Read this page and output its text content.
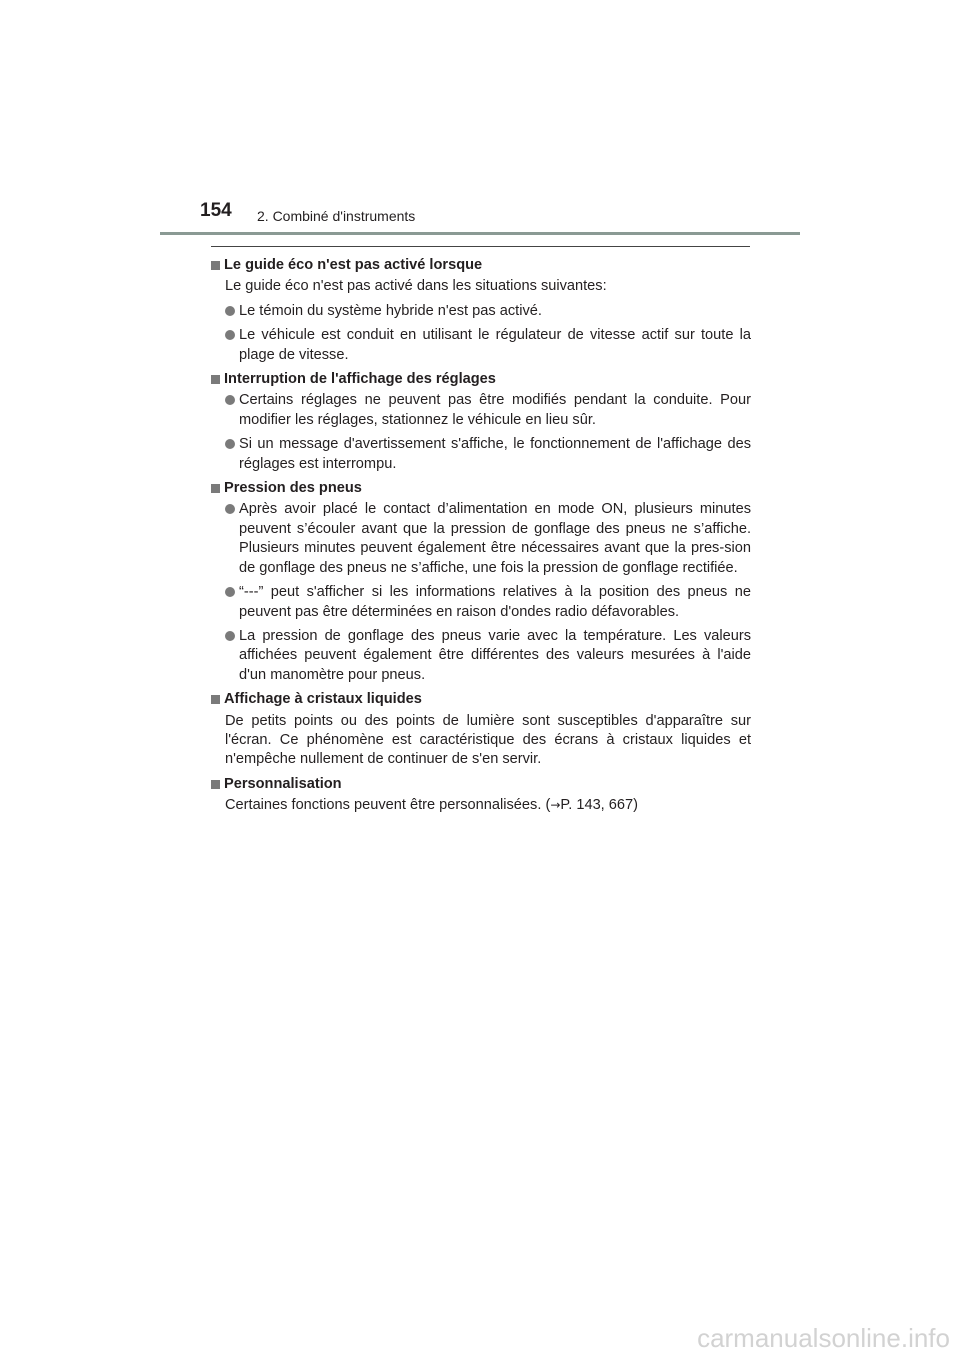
154 2. Combiné d'instruments
Le guide éco n'est pas activé lorsque
Le guide éco n'est pas activé dans les situations suivantes:
Le témoin du système hybride n'est pas activé.
Le véhicule est conduit en utilisant le régulateur de vitesse actif sur toute la plage de vitesse.
Interruption de l'affichage des réglages
Certains réglages ne peuvent pas être modifiés pendant la conduite. Pour modifier les réglages, stationnez le véhicule en lieu sûr.
Si un message d'avertissement s'affiche, le fonctionnement de l'affichage des réglages est interrompu.
Pression des pneus
Après avoir placé le contact d’alimentation en mode ON, plusieurs minutes peuvent s’écouler avant que la pression de gonflage des pneus ne s’affiche. Plusieurs minutes peuvent également être nécessaires avant que la pres-sion de gonflage des pneus ne s’affiche, une fois la pression de gonflage rectifiée.
“---” peut s'afficher si les informations relatives à la position des pneus ne peuvent pas être déterminées en raison d'ondes radio défavorables.
La pression de gonflage des pneus varie avec la température. Les valeurs affichées peuvent également être différentes des valeurs mesurées à l'aide d'un manomètre pour pneus.
Affichage à cristaux liquides
De petits points ou des points de lumière sont susceptibles d'apparaître sur l'écran. Ce phénomène est caractéristique des écrans à cristaux liquides et n'empêche nullement de continuer de s'en servir.
Personnalisation
Certaines fonctions peuvent être personnalisées. (→P. 143, 667)
carmanualsonline.info
